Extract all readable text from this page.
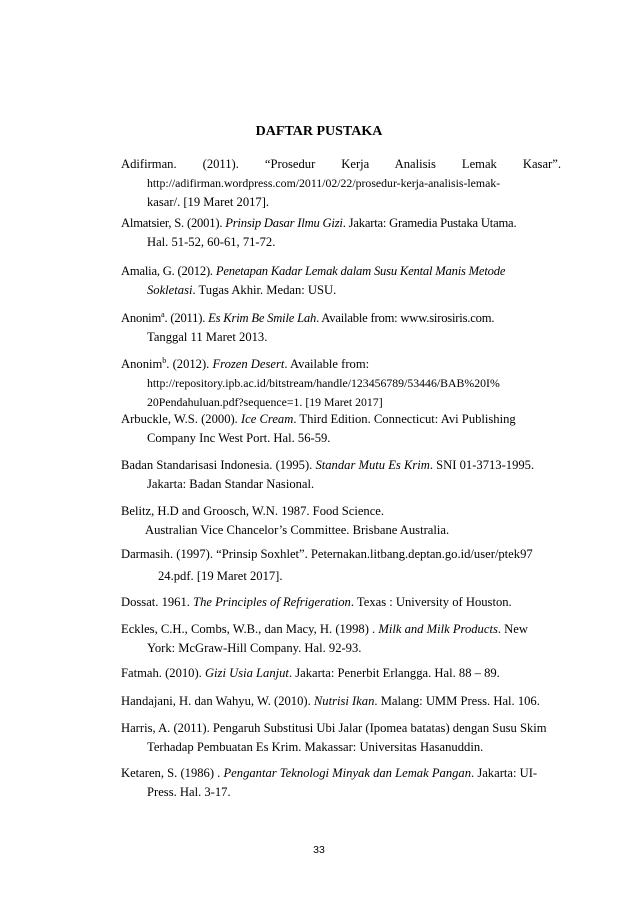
DAFTAR PUSTAKA
Adifirman. (2011). “Prosedur Kerja Analisis Lemak Kasar”.
http://adifirman.wordpress.com/2011/02/22/prosedur-kerja-analisis-lemak-
kasar/. [19 Maret 2017].
Almatsier, S. (2001). Prinsip Dasar Ilmu Gizi. Jakarta: Gramedia Pustaka Utama.
Hal. 51-52, 60-61, 71-72.
Amalia, G. (2012). Penetapan Kadar Lemak dalam Susu Kental Manis Metode
Sokletasi. Tugas Akhir. Medan: USU.
Anonim$^a$. (2011). Es Krim Be Smile Lah. Available from: www.sirosiris.com.
Tanggal 11 Maret 2013.
Anonim$^b$. (2012). Frozen Desert. Available from:
http://repository.ipb.ac.id/bitstream/handle/123456789/53446/BAB%20I%
20Pendahuluan.pdf?sequence=1. [19 Maret 2017]
Arbuckle, W.S. (2000). Ice Cream. Third Edition. Connecticut: Avi Publishing
Company Inc West Port. Hal. 56-59.
Badan Standarisasi Indonesia. (1995). Standar Mutu Es Krim. SNI 01-3713-1995.
Jakarta: Badan Standar Nasional.
Belitz, H.D and Groosch, W.N. 1987. Food Science.
Australian Vice Chancelor’s Committee. Brisbane Australia.
Darmasih. (1997). “Prinsip Soxhlet”. Peternakan.litbang.deptan.go.id/user/ptek97
24.pdf. [19 Maret 2017].
Dossat. 1961. The Principles of Refrigeration. Texas : University of Houston.
Eckles, C.H., Combs, W.B., dan Macy, H. (1998) . Milk and Milk Products. New
York: McGraw-Hill Company. Hal. 92-93.
Fatmah. (2010). Gizi Usia Lanjut. Jakarta: Penerbit Erlangga. Hal. 88 – 89.
Handajani, H. dan Wahyu, W. (2010). Nutrisi Ikan. Malang: UMM Press. Hal. 106.
Harris, A. (2011). Pengaruh Substitusi Ubi Jalar (Ipomea batatas) dengan Susu Skim
Terhadap Pembuatan Es Krim. Makassar: Universitas Hasanuddin.
Ketaren, S. (1986) . Pengantar Teknologi Minyak dan Lemak Pangan. Jakarta: UI-
Press. Hal. 3-17.
33
